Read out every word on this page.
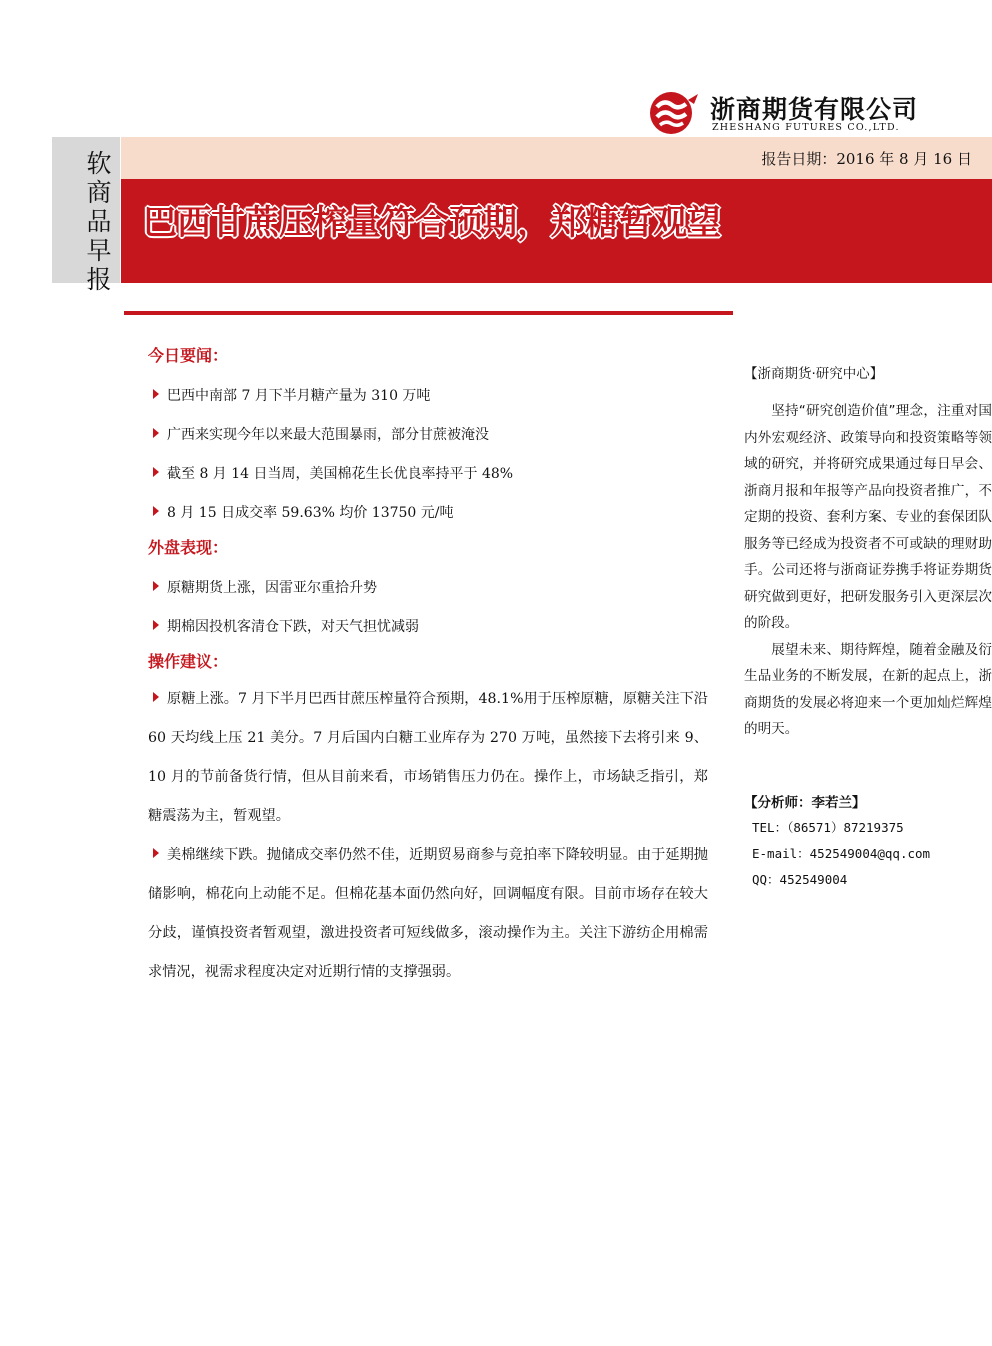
浙商期货有限公司
ZHESHANG FUTURES CO.,LTD.
软商品早报
报告日期：2016 年 8 月 16 日
巴西甘蔗压榨量符合预期，郑糖暂观望
今日要闻：
巴西中南部 7 月下半月糖产量为 310 万吨
广西来实现今年以来最大范围暴雨，部分甘蔗被淹没
截至 8 月 14 日当周，美国棉花生长优良率持平于 48%
8 月 15 日成交率 59.63% 均价 13750 元/吨
外盘表现：
原糖期货上涨，因雷亚尔重拾升势
期棉因投机客清仓下跌，对天气担忧减弱
操作建议：
原糖上涨。7 月下半月巴西甘蔗压榨量符合预期，48.1%用于压榨原糖，原糖关注下沿 60 天均线上压 21 美分。7 月后国内白糖工业库存为 270 万吨，虽然接下去将引来 9、10 月的节前备货行情，但从目前来看，市场销售压力仍在。操作上，市场缺乏指引，郑糖震荡为主，暂观望。
美棉继续下跌。抛储成交率仍然不佳，近期贸易商参与竞拍率下降较明显。由于延期抛储影响，棉花向上动能不足。但棉花基本面仍然向好，回调幅度有限。目前市场存在较大分歧，谨慎投资者暂观望，激进投资者可短线做多，滚动操作为主。关注下游纺企用棉需求情况，视需求程度决定对近期行情的支撑强弱。
【浙商期货·研究中心】

坚持“研究创造价值”理念，注重对国内外宏观经济、政策导向和投资策略等领域的研究，并将研究成果通过每日早会、浙商月报和年报等产品向投资者推广，不定期的投资、套利方案、专业的套保团队服务等已经成为投资者不可或缺的理财助手。公司还将与浙商证券携手将证券期货研究做到更好，把研发服务引入更深层次的阶段。

展望未来、期待辉煌，随着金融及衍生品业务的不断发展，在新的起点上，浙商期货的发展必将迎来一个更加灿烂辉煌的明天。

【分析师：李若兰】
TEL：（86571）87219375
E-mail：452549004@qq.com
QQ：452549004
